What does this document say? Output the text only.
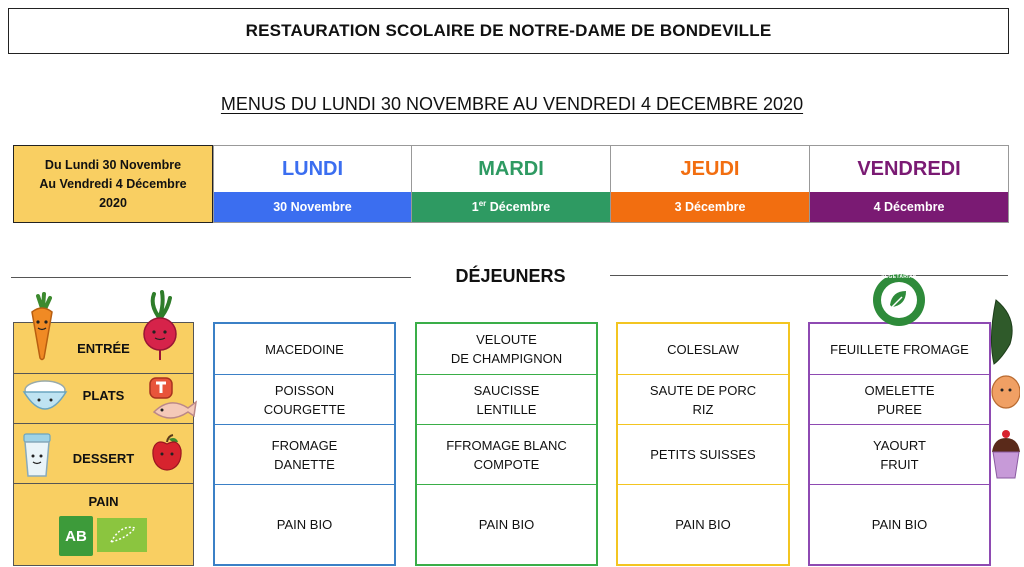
RESTAURATION SCOLAIRE DE NOTRE-DAME DE BONDEVILLE
MENUS DU LUNDI 30 NOVEMBRE AU VENDREDI 4 DECEMBRE 2020
Du Lundi 30 Novembre
Au Vendredi 4 Décembre
2020
LUNDI
30 Novembre
MARDI
1er Décembre
JEUDI
3 Décembre
VENDREDI
4 Décembre
DÉJEUNERS
ENTRÉE
PLATS
DESSERT
PAIN
AB
MACEDOINE
POISSON
COURGETTE
FROMAGE
DANETTE
PAIN BIO
VELOUTE
DE CHAMPIGNON
SAUCISSE
LENTILLE
FFROMAGE BLANC
COMPOTE
PAIN BIO
COLESLAW
SAUTE DE PORC
RIZ
PETITS SUISSES
PAIN BIO
FEUILLETE FROMAGE
OMELETTE
PUREE
YAOURT
FRUIT
PAIN BIO
VEGETARIAN
